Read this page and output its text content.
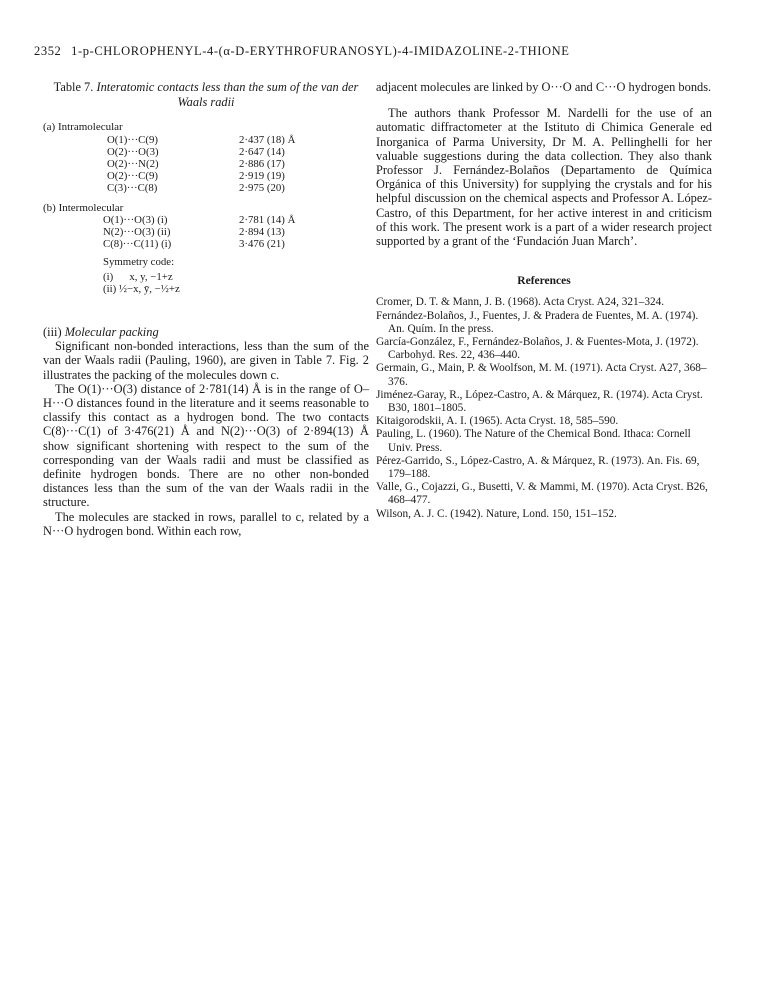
2352 1-p-CHLOROPHENYL-4-(α-D-ERYTHROFURANOSYL)-4-IMIDAZOLINE-2-THIONE
Table 7. Interatomic contacts less than the sum of the van der Waals radii
(a) Intramolecular
O(1)···C(9)	2·437 (18) Å
O(2)···O(3)	2·647 (14)
O(2)···N(2)	2·886 (17)
O(2)···C(9)	2·919 (19)
C(3)···C(8)	2·975 (20)
(b) Intermolecular
O(1)···O(3) (i)	2·781 (14) Å
N(2)···O(3) (ii)	2·894 (13)
C(8)···C(11) (i)	3·476 (21)
Symmetry code:
(i)      x, y, −1+z
(ii) ½−x, ȳ, −½+z
(iii) Molecular packing

Significant non-bonded interactions, less than the sum of the van der Waals radii (Pauling, 1960), are given in Table 7. Fig. 2 illustrates the packing of the molecules down c.

The O(1)···O(3) distance of 2·781(14) Å is in the range of O–H···O distances found in the literature and it seems reasonable to classify this contact as a hydrogen bond. The two contacts C(8)···C(1) of 3·476(21) Å and N(2)···O(3) of 2·894(13) Å show significant shortening with respect to the sum of the corresponding van der Waals radii and must be classified as definite hydrogen bonds. There are no other non-bonded distances less than the sum of the van der Waals radii in the structure.

The molecules are stacked in rows, parallel to c, related by a N···O hydrogen bond. Within each row,

adjacent molecules are linked by O···O and C···O hydrogen bonds.

The authors thank Professor M. Nardelli for the use of an automatic diffractometer at the Istituto di Chimica Generale ed Inorganica of Parma University, Dr M. A. Pellinghelli for her valuable suggestions during the data collection. They also thank Professor J. Fernández-Bolaños (Departamento de Química Orgánica of this University) for supplying the crystals and for his helpful discussion on the chemical aspects and Professor A. López-Castro, of this Department, for her active interest in and criticism of this work. The present work is a part of a wider research project supported by a grant of the ‘Fundación Juan March’.

References
Cromer, D. T. & Mann, J. B. (1968). Acta Cryst. A24, 321–324.
Fernández-Bolaños, J., Fuentes, J. & Pradera de Fuentes, M. A. (1974). An. Quím. In the press.
García-González, F., Fernández-Bolaños, J. & Fuentes-Mota, J. (1972). Carbohyd. Res. 22, 436–440.
Germain, G., Main, P. & Woolfson, M. M. (1971). Acta Cryst. A27, 368–376.
Jiménez-Garay, R., López-Castro, A. & Márquez, R. (1974). Acta Cryst. B30, 1801–1805.
Kitaigorodskii, A. I. (1965). Acta Cryst. 18, 585–590.
Pauling, L. (1960). The Nature of the Chemical Bond. Ithaca: Cornell Univ. Press.
Pérez-Garrido, S., López-Castro, A. & Márquez, R. (1973). An. Fis. 69, 179–188.
Valle, G., Cojazzi, G., Busetti, V. & Mammi, M. (1970). Acta Cryst. B26, 468–477.
Wilson, A. J. C. (1942). Nature, Lond. 150, 151–152.
